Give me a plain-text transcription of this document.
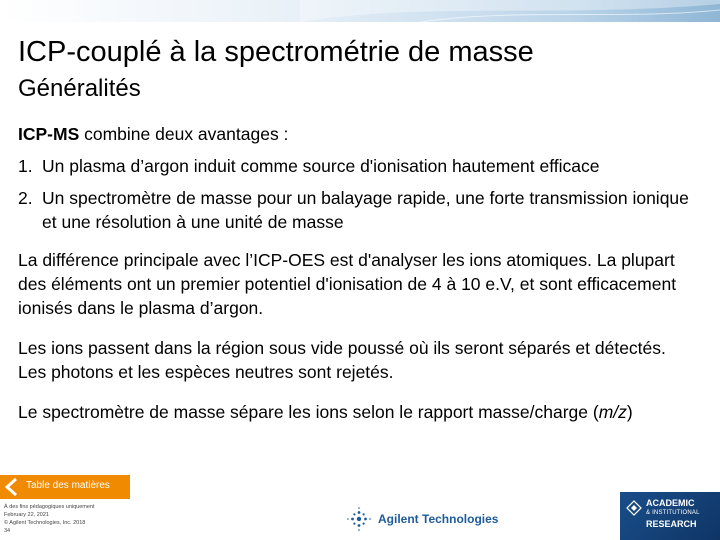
ICP-couplé à la spectrométrie de masse
Généralités

ICP-MS combine deux avantages :

1. Un plasma d’argon induit comme source d'ionisation hautement efficace
2. Un spectromètre de masse pour un balayage rapide, une forte transmission ionique et une résolution à une unité de masse

La différence principale avec l’ICP-OES est d'analyser les ions atomiques. La plupart des éléments ont un premier potentiel d'ionisation de 4 à 10 e.V, et sont efficacement ionisés dans le plasma d’argon.

Les ions passent dans la région sous vide poussé où ils seront séparés et détectés. Les photons et les espèces neutres sont rejetés.

Le spectromètre de masse sépare les ions selon le rapport masse/charge (m/z)

Table des matières
À des fins pédagogiques uniquement
February 22, 2021
© Agilent Technologies, Inc. 2018
34
Agilent Technologies
ACADEMIC
& INSTITUTIONAL
RESEARCH
